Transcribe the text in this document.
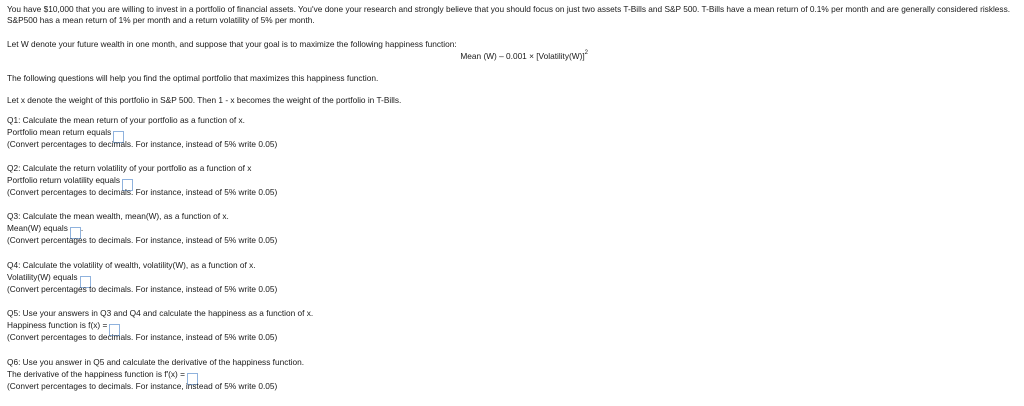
You have $10,000 that you are willing to invest in a portfolio of financial assets. You've done your research and strongly believe that you should focus on just two assets T-Bills and S&P 500. T-Bills have a mean return of 0.1% per month and are generally considered riskless. S&P500 has a mean return of 1% per month and a return volatility of 5% per month.
Let W denote your future wealth in one month, and suppose that your goal is to maximize the following happiness function:
Mean (W) – 0.001 × [Volatility(W)]$^2$
The following questions will help you find the optimal portfolio that maximizes this happiness function.
Let x denote the weight of this portfolio in S&P 500. Then 1 - x becomes the weight of the portfolio in T-Bills.
Q1: Calculate the mean return of your portfolio as a function of x.
Portfolio mean return equals
(Convert percentages to decimals. For instance, instead of 5% write 0.05)
Q2: Calculate the return volatility of your portfolio as a function of x
Portfolio return volatility equals
(Convert percentages to decimals. For instance, instead of 5% write 0.05)
Q3: Calculate the mean wealth, mean(W), as a function of x.
Mean(W) equals .
(Convert percentages to decimals. For instance, instead of 5% write 0.05)
Q4: Calculate the volatility of wealth, volatility(W), as a function of x.
Volatility(W) equals
(Convert percentages to decimals. For instance, instead of 5% write 0.05)
Q5: Use your answers in Q3 and Q4 and calculate the happiness as a function of x.
Happiness function is f(x) =
(Convert percentages to decimals. For instance, instead of 5% write 0.05)
Q6: Use you answer in Q5 and calculate the derivative of the happiness function.
The derivative of the happiness function is f′(x) =
(Convert percentages to decimals. For instance, instead of 5% write 0.05)
